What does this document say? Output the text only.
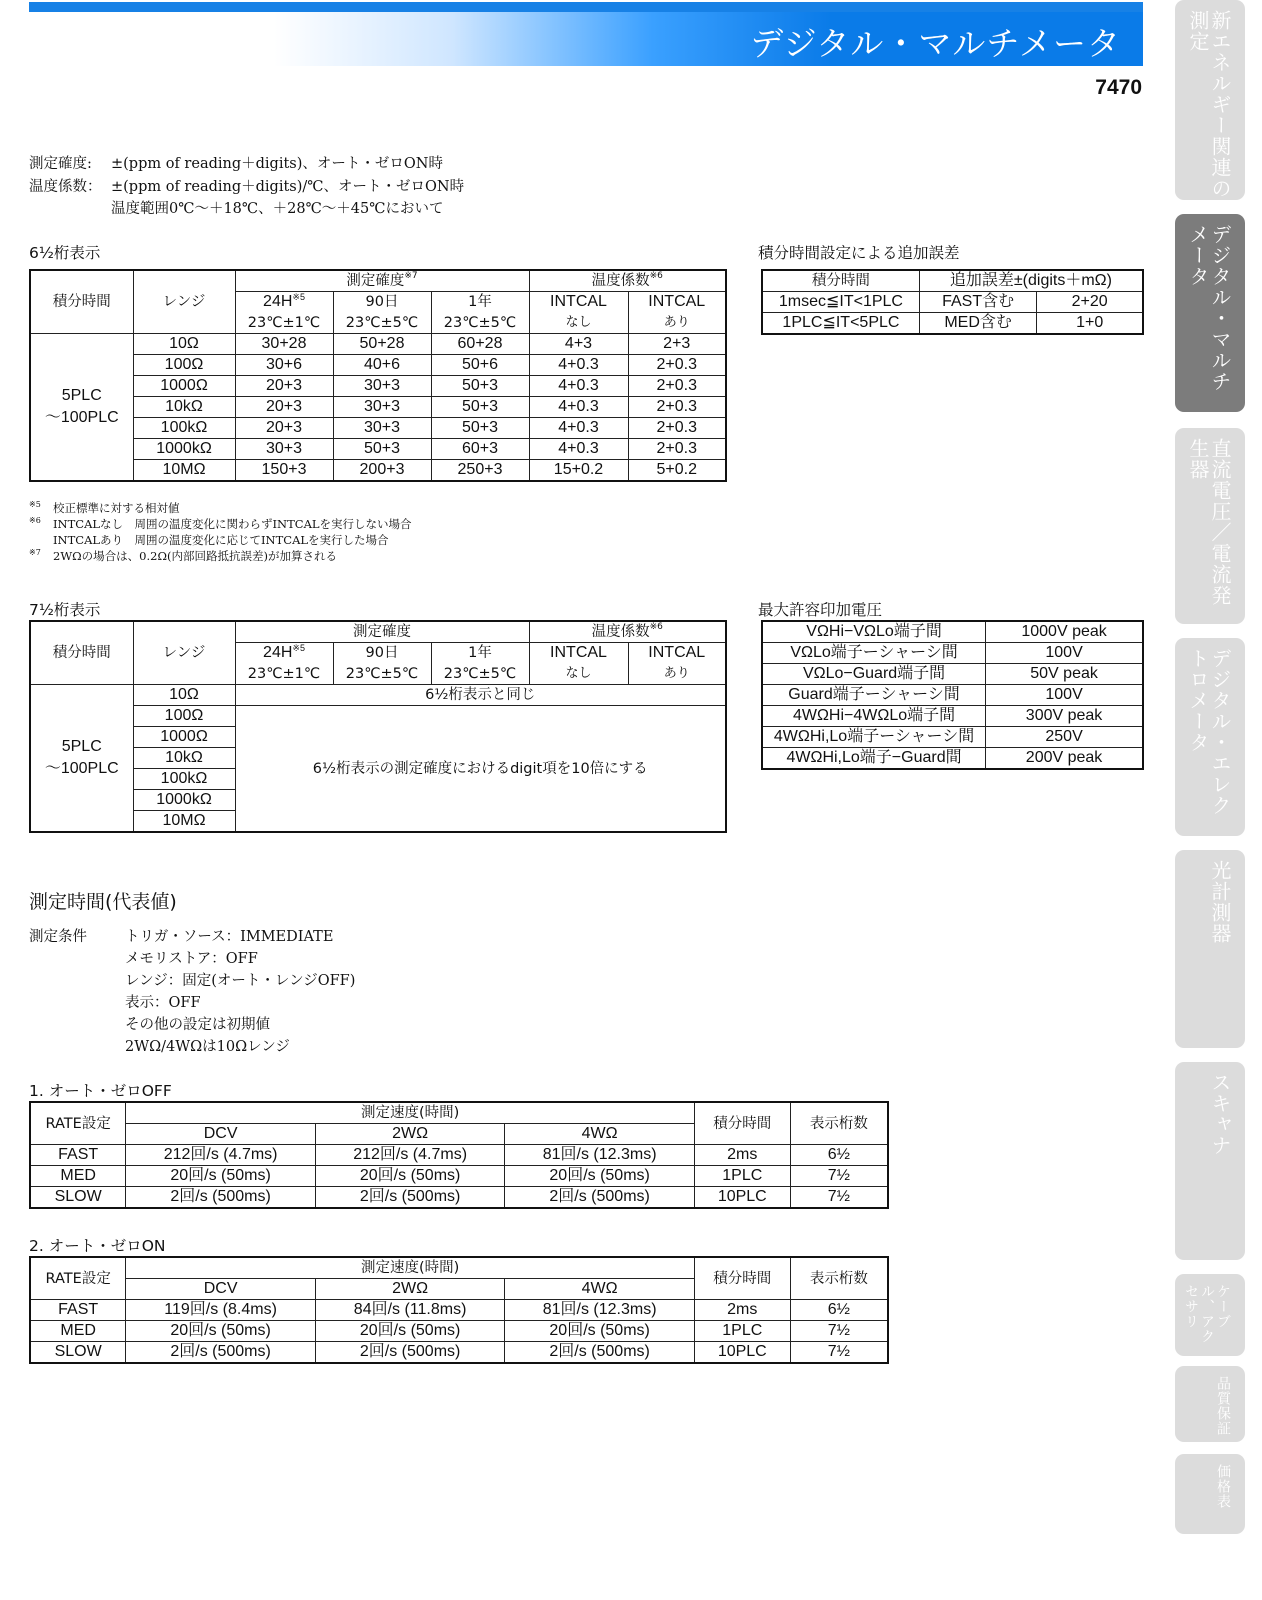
デジタル・マルチメータ
7470	新エネルギー関連の測定
デジタル・マルチメータ
直流電圧／電流発生器
デジタル・エレクトロメータ
光計測器
スキャナ
ケーブル、アクセサリ
品質保証
価格表
測定確度: ±(ppm of reading＋digits)、オート・ゼロON時
温度係数： ±(ppm of reading＋digits)/℃、オート・ゼロON時
温度範囲0℃～＋18℃、＋28℃～＋45℃において
6½桁表示
積分時間	レンジ	測定確度$^{※7}$			温度係数$^{※6}$
		$24H^{※5}$	90日	1年	INTCAL	INTCAL
		23℃±1℃	23℃±5℃	23℃±5℃	なし	あり

5PLC
～100PLC	10Ω	30+28	50+28	60+28	4+3	2+3
	100Ω	30+6	40+6	50+6	4+0.3	2+0.3
	1000Ω	20+3	30+3	50+3	4+0.3	2+0.3
	10kΩ	20+3	30+3	50+3	4+0.3	2+0.3
	100kΩ	20+3	30+3	50+3	4+0.3	2+0.3
	1000kΩ	30+3	50+3	60+3	4+0.3	2+0.3
	10MΩ	150+3	200+3	250+3	15+0.2	5+0.2
※5 校正標準に対する相対値
※6 INTCALなし　周囲の温度変化に関わらずINTCALを実行しない場合
INTCALあり　周囲の温度変化に応じてINTCALを実行した場合
※7 2WΩの場合は、0.2Ω(内部回路抵抗誤差)が加算される
積分時間設定による追加誤差
積分時間	追加誤差±(digits＋mΩ)	
1msec≦IT<1PLC	FAST含む	2+20
1PLC≦IT<5PLC	MED含む	1+0
7½桁表示
積分時間	レンジ	測定確度			温度係数$^{※6}$
		$24H^{※5}$	90日	1年	INTCAL	INTCAL
		23℃±1℃	23℃±5℃	23℃±5℃	なし	あり

5PLC
～100PLC	10Ω	6½桁表示と同じ				
	100Ω	6½桁表示の測定確度におけるdigit項を10倍にする				
	1000Ω					
	10kΩ					
	100kΩ					
	1000kΩ					
	10MΩ					
最大許容印加電圧
VΩHi−VΩLo端子間	1000V peak
VΩLo端子ーシャーシ間	100V
VΩLo−Guard端子間	50V peak
Guard端子ーシャーシ間	100V
4WΩHi−4WΩLo端子間	300V peak
4WΩHi,Lo端子ーシャーシ間	250V
4WΩHi,Lo端子−Guard間	200V peak
測定時間(代表値)
測定条件	トリガ・ソース：IMMEDIATE
メモリストア：OFF
レンジ：固定(オート・レンジOFF)
表示：OFF
その他の設定は初期値
2WΩ/4WΩは10Ωレンジ
1. オート・ゼロOFF
RATE設定	測定速度(時間)			積分時間	表示桁数
	DCV	2WΩ	4WΩ		
FAST	212回/s (4.7ms)	212回/s (4.7ms)	81回/s (12.3ms)	2ms	6½
MED	20回/s (50ms)	20回/s (50ms)	20回/s (50ms)	1PLC	7½
SLOW	2回/s (500ms)	2回/s (500ms)	2回/s (500ms)	10PLC	7½
2. オート・ゼロON
RATE設定	測定速度(時間)			積分時間	表示桁数
	DCV	2WΩ	4WΩ		
FAST	119回/s (8.4ms)	84回/s (11.8ms)	81回/s (12.3ms)	2ms	6½
MED	20回/s (50ms)	20回/s (50ms)	20回/s (50ms)	1PLC	7½
SLOW	2回/s (500ms)	2回/s (500ms)	2回/s (500ms)	10PLC	7½
